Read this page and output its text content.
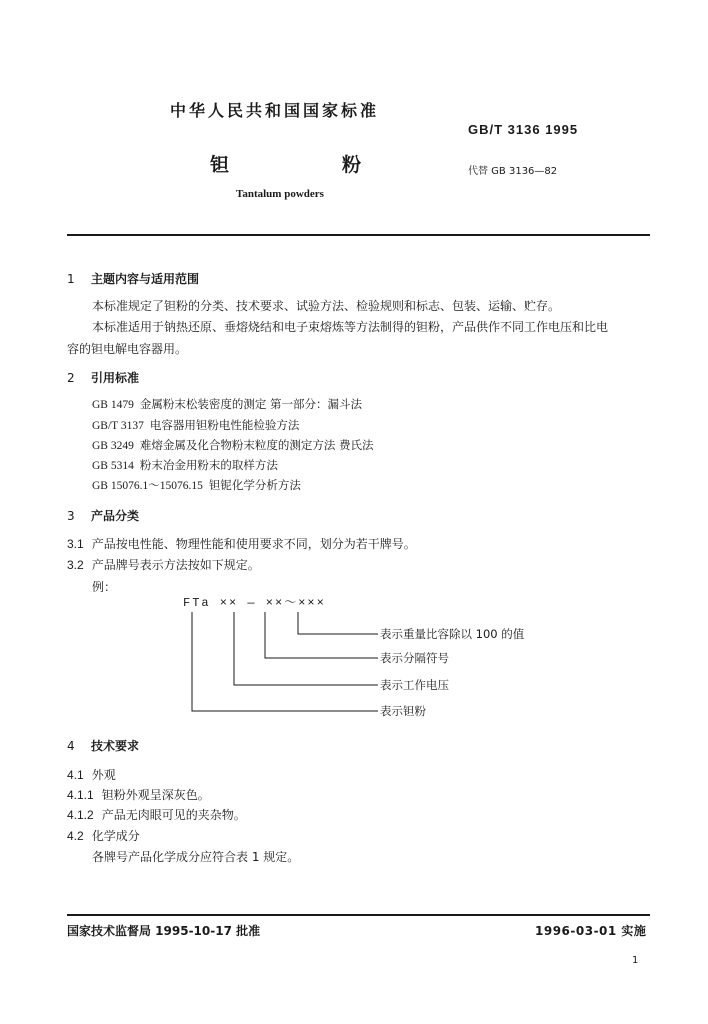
中华人民共和国国家标准
GB/T 3136 1995
钽	粉	代替 GB 3136—82
Tantalum powders
1 主题内容与适用范围
本标准规定了钽粉的分类、技术要求、试验方法、检验规则和标志、包装、运输、贮存。
本标准适用于钠热还原、垂熔烧结和电子束熔炼等方法制得的钽粉，产品供作不同工作电压和比电
容的钽电解电容器用。
2 引用标准
GB 1479 金属粉末松装密度的测定 第一部分：漏斗法
GB/T 3137 电容器用钽粉电性能检验方法
GB 3249 难熔金属及化合物粉末粒度的测定方法 费氏法
GB 5314 粉末冶金用粉末的取样方法
GB 15076.1～15076.15 钽铌化学分析方法
3 产品分类
3.1 产品按电性能、物理性能和使用要求不同，划分为若干牌号。
3.2 产品牌号表示方法按如下规定。
例：
FTa ×× — ××～×××
表示重量比容除以 100 的值
表示分隔符号
表示工作电压
表示钽粉
4 技术要求
4.1 外观
4.1.1 钽粉外观呈深灰色。
4.1.2 产品无肉眼可见的夹杂物。
4.2 化学成分
各牌号产品化学成分应符合表 1 规定。
国家技术监督局 1995-10-17 批准	1996-03-01 实施
1
